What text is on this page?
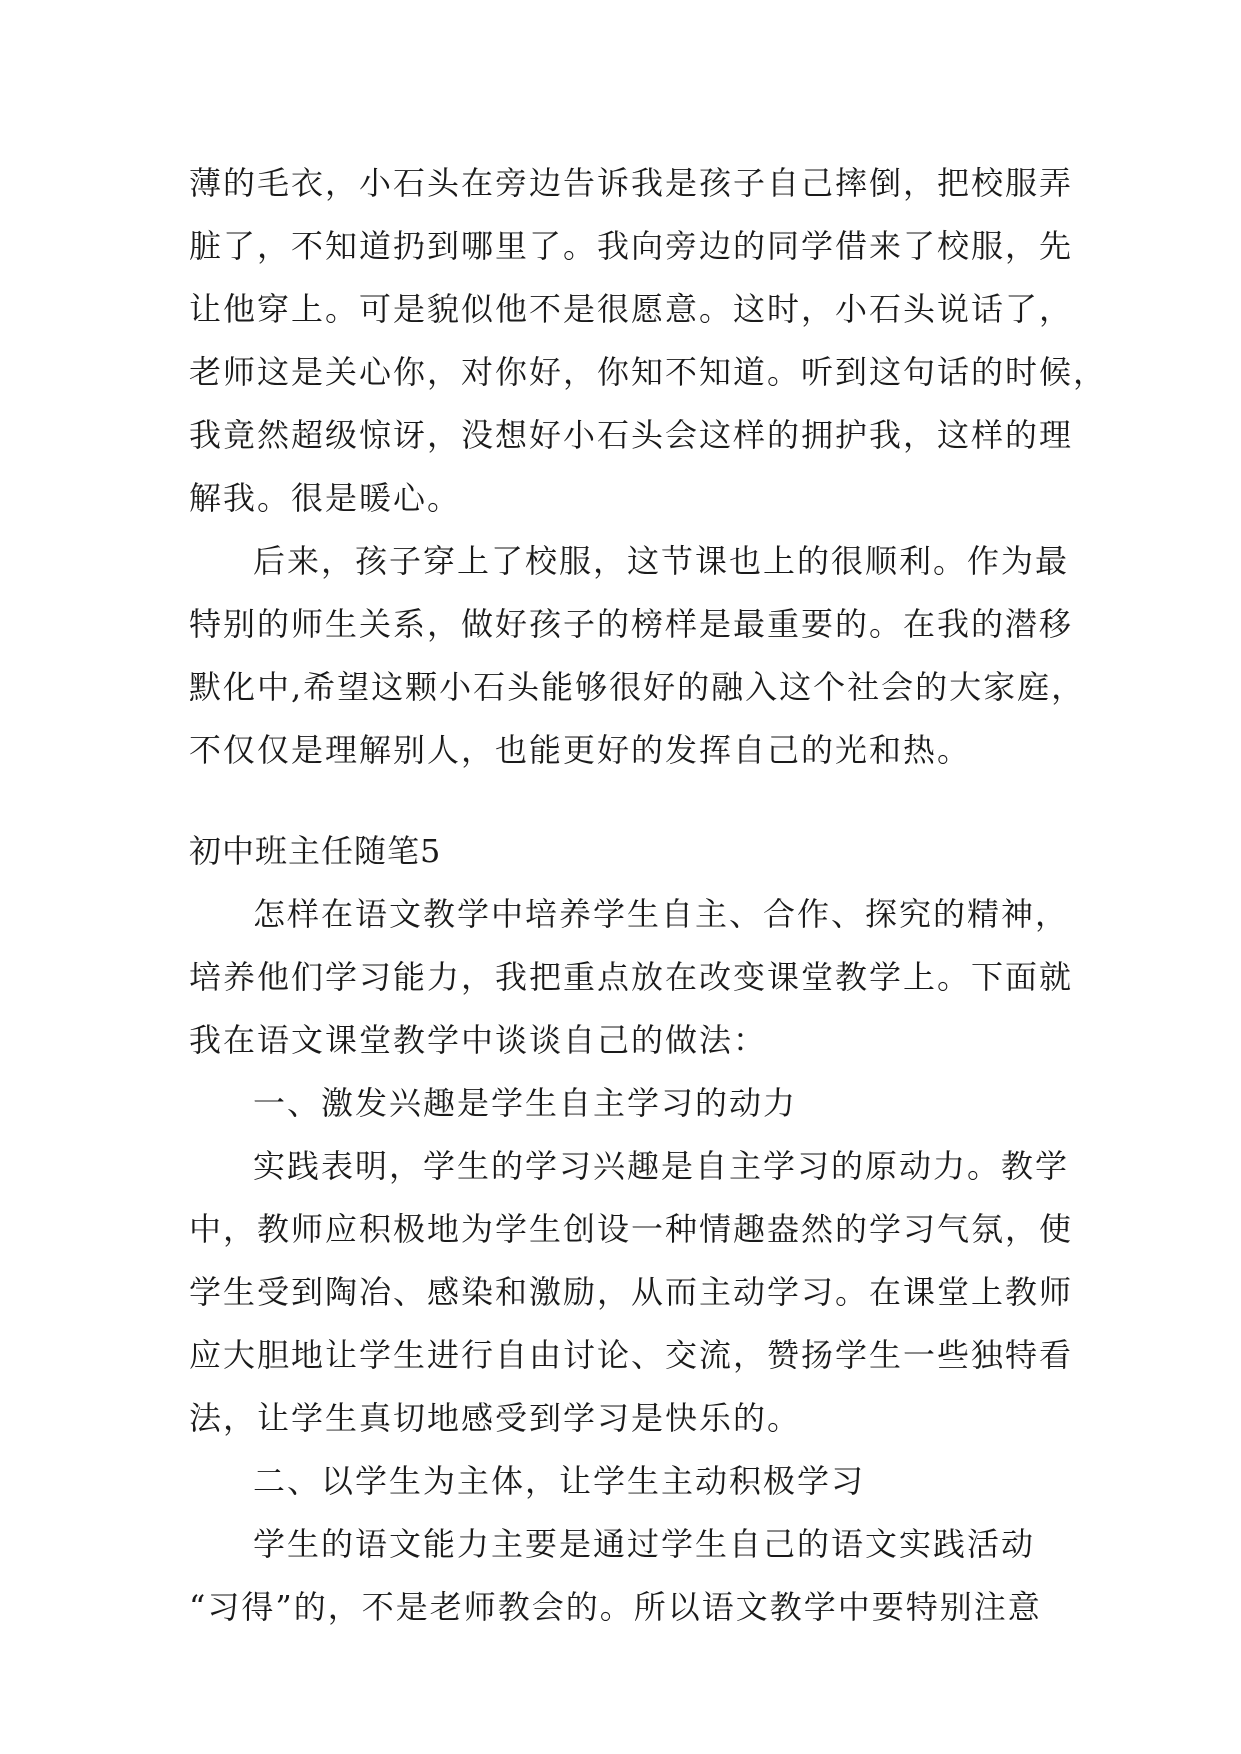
薄的毛衣，小石头在旁边告诉我是孩子自己摔倒，把校服弄
脏了，不知道扔到哪里了。我向旁边的同学借来了校服，先
让他穿上。可是貌似他不是很愿意。这时，小石头说话了，
老师这是关心你，对你好，你知不知道。听到这句话的时候，
我竟然超级惊讶，没想好小石头会这样的拥护我，这样的理
解我。很是暖心。
后来，孩子穿上了校服，这节课也上的很顺利。作为最
特别的师生关系，做好孩子的榜样是最重要的。在我的潜移
默化中,希望这颗小石头能够很好的融入这个社会的大家庭，
不仅仅是理解别人，也能更好的发挥自己的光和热。
初中班主任随笔5
怎样在语文教学中培养学生自主、合作、探究的精神，
培养他们学习能力，我把重点放在改变课堂教学上。下面就
我在语文课堂教学中谈谈自己的做法：
一、激发兴趣是学生自主学习的动力
实践表明，学生的学习兴趣是自主学习的原动力。教学
中，教师应积极地为学生创设一种情趣盎然的学习气氛，使
学生受到陶冶、感染和激励，从而主动学习。在课堂上教师
应大胆地让学生进行自由讨论、交流，赞扬学生一些独特看
法，让学生真切地感受到学习是快乐的。
二、以学生为主体，让学生主动积极学习
学生的语文能力主要是通过学生自己的语文实践活动
“习得”的，不是老师教会的。所以语文教学中要特别注意
